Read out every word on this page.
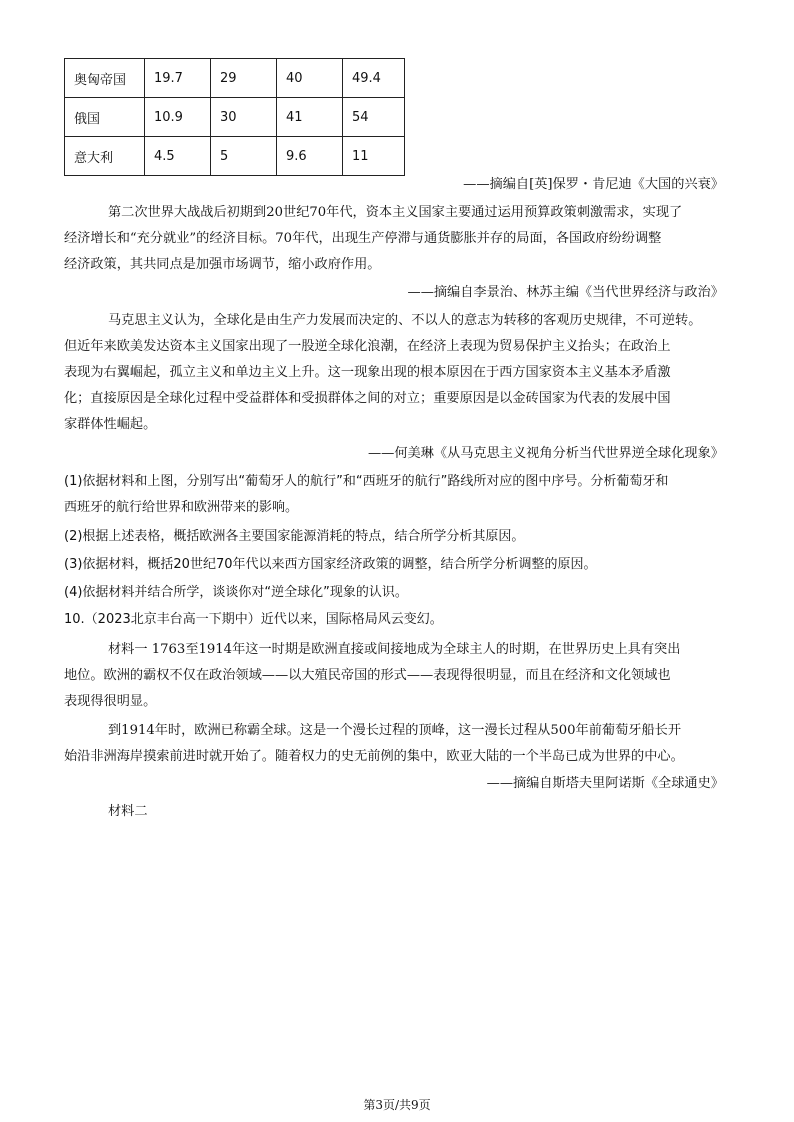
奥匈帝国	19.7	29	40	49.4
俄国	10.9	30	41	54
意大利	4.5	5	9.6	11
——摘编自[英]保罗・肯尼迪《大国的兴衰》
第二次世界大战战后初期到20世纪70年代，资本主义国家主要通过运用预算政策刺激需求，实现了
经济增长和“充分就业”的经济目标。70年代，出现生产停滞与通货膨胀并存的局面，各国政府纷纷调整
经济政策，其共同点是加强市场调节，缩小政府作用。
——摘编自李景治、林苏主编《当代世界经济与政治》
马克思主义认为，全球化是由生产力发展而决定的、不以人的意志为转移的客观历史规律，不可逆转。
但近年来欧美发达资本主义国家出现了一股逆全球化浪潮，在经济上表现为贸易保护主义抬头；在政治上
表现为右翼崛起，孤立主义和单边主义上升。这一现象出现的根本原因在于西方国家资本主义基本矛盾激
化；直接原因是全球化过程中受益群体和受损群体之间的对立；重要原因是以金砖国家为代表的发展中国
家群体性崛起。
——何美琳《从马克思主义视角分析当代世界逆全球化现象》
(1)依据材料和上图，分别写出“葡萄牙人的航行”和“西班牙的航行”路线所对应的图中序号。分析葡萄牙和
西班牙的航行给世界和欧洲带来的影响。
(2)根据上述表格，概括欧洲各主要国家能源消耗的特点，结合所学分析其原因。
(3)依据材料，概括20世纪70年代以来西方国家经济政策的调整，结合所学分析调整的原因。
(4)依据材料并结合所学，谈谈你对“逆全球化”现象的认识。
10.（2023北京丰台高一下期中）近代以来，国际格局风云变幻。
材料一 1763至1914年这一时期是欧洲直接或间接地成为全球主人的时期，在世界历史上具有突出
地位。欧洲的霸权不仅在政治领域——以大殖民帝国的形式——表现得很明显，而且在经济和文化领域也
表现得很明显。
到1914年时，欧洲已称霸全球。这是一个漫长过程的顶峰，这一漫长过程从500年前葡萄牙船长开
始沿非洲海岸摸索前进时就开始了。随着权力的史无前例的集中，欧亚大陆的一个半岛已成为世界的中心。
——摘编自斯塔夫里阿诺斯《全球通史》
材料二
第3页/共9页
